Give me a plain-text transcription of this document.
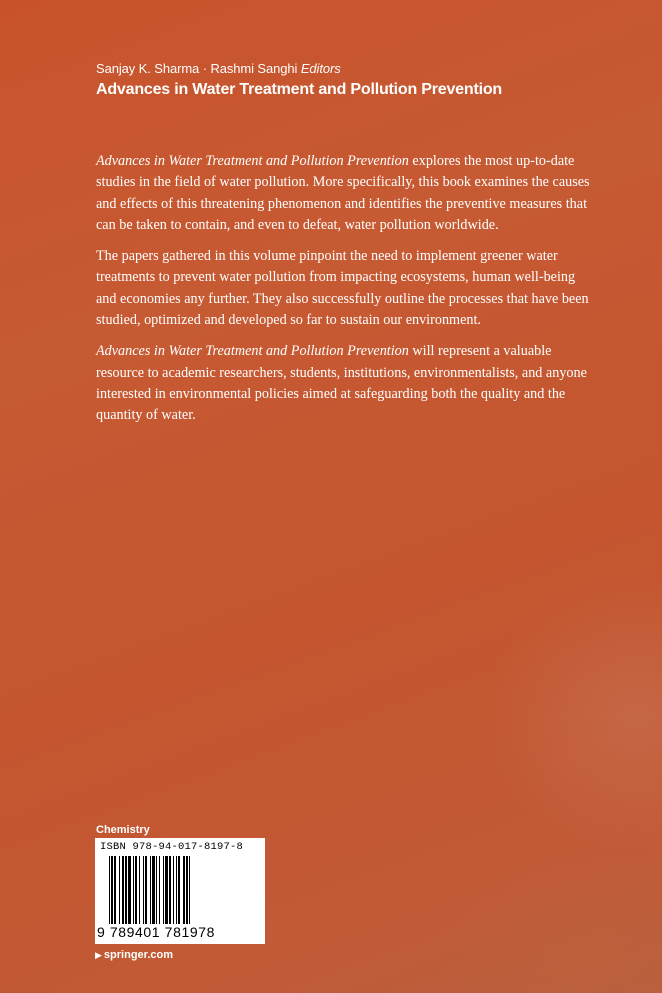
Sanjay K. Sharma · Rashmi Sanghi Editors
Advances in Water Treatment and Pollution Prevention

Advances in Water Treatment and Pollution Prevention explores the most up-to-date studies in the field of water pollution. More specifically, this book examines the causes and effects of this threatening phenomenon and identifies the preventive measures that can be taken to contain, and even to defeat, water pollution worldwide.

The papers gathered in this volume pinpoint the need to implement greener water treatments to prevent water pollution from impacting ecosystems, human well-being and economies any further. They also successfully outline the processes that have been studied, optimized and developed so far to sustain our environment.

Advances in Water Treatment and Pollution Prevention will represent a valuable resource to academic researchers, students, institutions, environmentalists, and anyone interested in environmental policies aimed at safeguarding both the quality and the quantity of water.

Chemistry
ISBN 978-94-017-8197-8
9 789401 781978
▶ springer.com
